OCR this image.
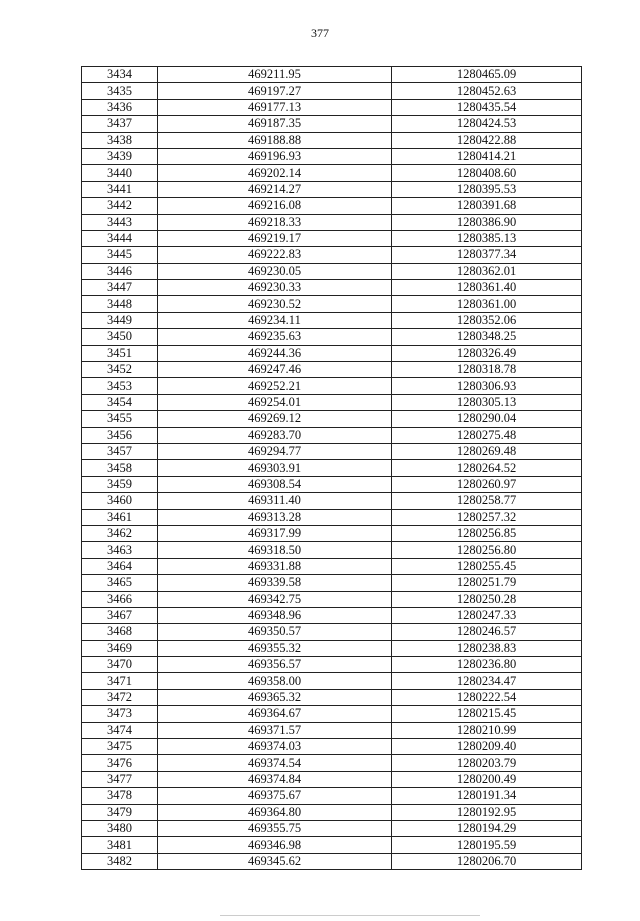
377
3434	469211.95	1280465.09
3435	469197.27	1280452.63
3436	469177.13	1280435.54
3437	469187.35	1280424.53
3438	469188.88	1280422.88
3439	469196.93	1280414.21
3440	469202.14	1280408.60
3441	469214.27	1280395.53
3442	469216.08	1280391.68
3443	469218.33	1280386.90
3444	469219.17	1280385.13
3445	469222.83	1280377.34
3446	469230.05	1280362.01
3447	469230.33	1280361.40
3448	469230.52	1280361.00
3449	469234.11	1280352.06
3450	469235.63	1280348.25
3451	469244.36	1280326.49
3452	469247.46	1280318.78
3453	469252.21	1280306.93
3454	469254.01	1280305.13
3455	469269.12	1280290.04
3456	469283.70	1280275.48
3457	469294.77	1280269.48
3458	469303.91	1280264.52
3459	469308.54	1280260.97
3460	469311.40	1280258.77
3461	469313.28	1280257.32
3462	469317.99	1280256.85
3463	469318.50	1280256.80
3464	469331.88	1280255.45
3465	469339.58	1280251.79
3466	469342.75	1280250.28
3467	469348.96	1280247.33
3468	469350.57	1280246.57
3469	469355.32	1280238.83
3470	469356.57	1280236.80
3471	469358.00	1280234.47
3472	469365.32	1280222.54
3473	469364.67	1280215.45
3474	469371.57	1280210.99
3475	469374.03	1280209.40
3476	469374.54	1280203.79
3477	469374.84	1280200.49
3478	469375.67	1280191.34
3479	469364.80	1280192.95
3480	469355.75	1280194.29
3481	469346.98	1280195.59
3482	469345.62	1280206.70
